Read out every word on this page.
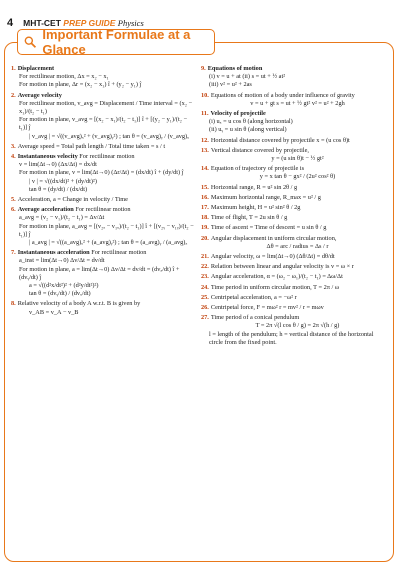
4 MHT-CET PREP GUIDE Physics
Important Formulae at a Glance
1. Displacement
For rectilinear motion, Δx = x₂ − x₁
For motion in plane, Δr = (x₂ − x₁) î + (y₂ − y₁) ĵ
2. Average velocity
For rectilinear motion, v_avg = Displacement / Time interval = (x₂ − x₁)/(t₂ − t₁)
For motion in plane, v_avg = [(x₂ − x₁)/(t₂ − t₁)] î + [(y₂ − y₁)/(t₂ − t₁)] ĵ
| v_avg | = √((v_avg)ₓ² + (v_avg)ᵧ²) ; tan θ = (v_avg)ᵧ / (v_avg)ₓ
3. Average speed = Total path length / Total time taken = s / t
4. Instantaneous velocity For rectilinear motion
v = lim(Δt→0) (Δx/Δt) = dx/dt
For motion in plane, v = lim(Δt→0) (Δr/Δt) = (dx/dt) î + (dy/dt) ĵ
| v | = √((dx/dt)² + (dy/dt)²)
tan θ = (dy/dt) / (dx/dt)
5. Acceleration, a = Change in velocity / Time
6. Average acceleration For rectilinear motion
a_avg = (v₂ − v₁)/(t₂ − t₁) = Δv/Δt
For motion in plane, a_avg = [(v₂ₓ − v₁ₓ)/(t₂ − t₁)] î + [(v₂ᵧ − v₁ᵧ)/(t₂ − t₁)] ĵ
| a_avg | = √((a_avg)ₓ² + (a_avg)ᵧ²) ; tan θ = (a_avg)ᵧ / (a_avg)ₓ
7. Instantaneous acceleration For rectilinear motion
a_inst = lim(Δt→0) Δv/Δt = dv/dt
For motion in plane, a = lim(Δt→0) Δv/Δt = dv/dt = (dvₓ/dt) î + (dvᵧ/dt) ĵ
a = √((d²x/dt²)² + (d²y/dt²)²)
tan θ = (dvᵧ/dt) / (dvₓ/dt)
8. Relative velocity of a body A w.r.t. B is given by
v_AB = v_A − v_B
9. Equations of motion
(i) v = u + at (ii) s = ut + ½ at²
(iii) v² = u² + 2as
10. Equations of motion of a body under influence of gravity
v = u + gt s = ut + ½ gt² v² = u² + 2gh
11. Velocity of projectile
(i) uₓ = u cos θ (along horizontal)
(ii) uᵧ = u sin θ (along vertical)
12. Horizontal distance covered by projectile x = (u cos θ)t
13. Vertical distance covered by projectile,
y = (u sin θ)t − ½ gt²
14. Equation of trajectory of projectile is
y = x tan θ − gx² / (2u² cos² θ)
15. Horizontal range, R = u² sin 2θ / g
16. Maximum horizontal range, R_max = u² / g
17. Maximum height, H = u² sin² θ / 2g
18. Time of flight, T = 2u sin θ / g
19. Time of ascent = Time of descent = u sin θ / g
20. Angular displacement in uniform circular motion,
Δθ = arc / radius = Δs / r
21. Angular velocity, ω = lim(Δt→0) (Δθ/Δt) = dθ/dt
22. Relation between linear and angular velocity is v = ω × r
23. Angular acceleration, α = (ω₂ − ω₁)/(t₂ − t₁) = Δω/Δt
24. Time period in uniform circular motion, T = 2π / ω
25. Centripetal acceleration, a = −ω² r
26. Centripetal force, F = mω² r = mv² / r = mωv
27. Time period of a conical pendulum
T = 2π √(l cos θ / g) = 2π √(h / g)
l = length of the pendulum; h = vertical distance of the horizontal circle from the fixed point.
